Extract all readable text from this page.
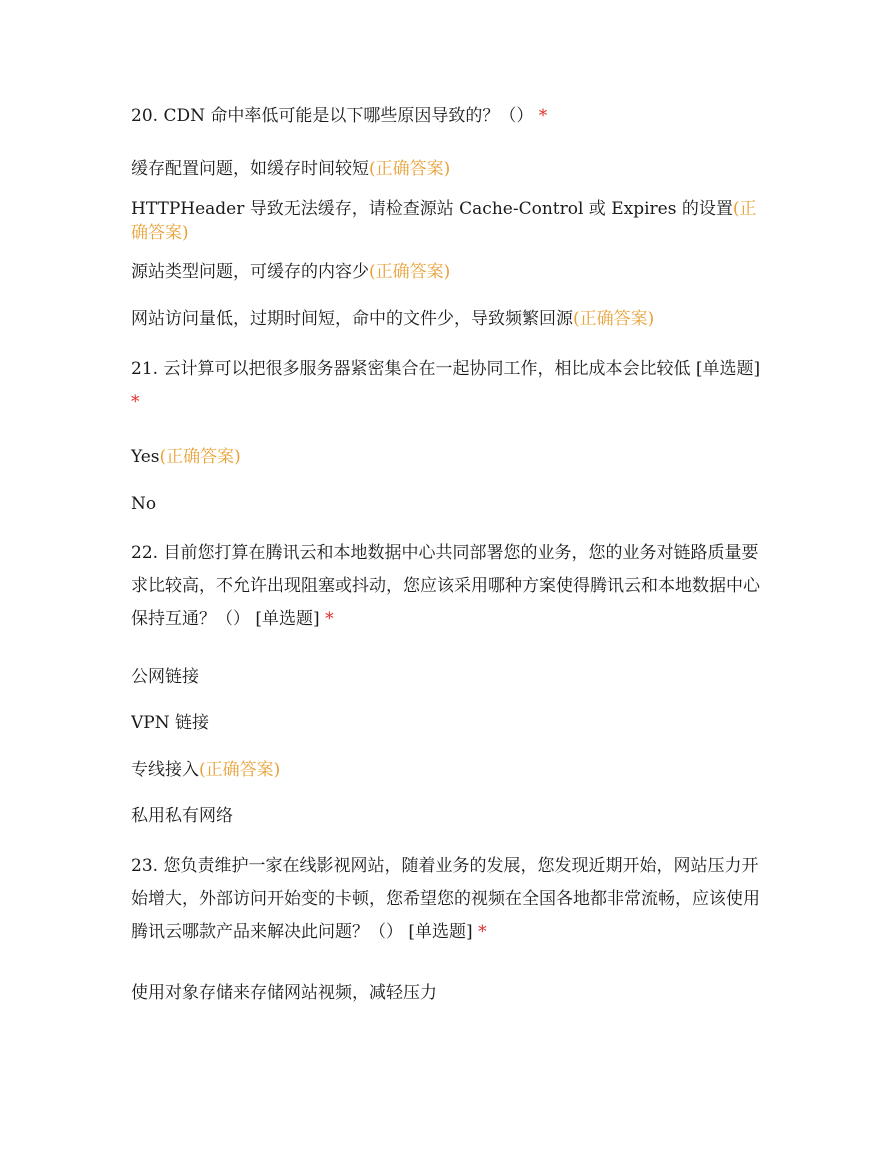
20. CDN 命中率低可能是以下哪些原因导致的？（） *

缓存配置问题，如缓存时间较短(正确答案)

HTTPHeader 导致无法缓存，请检查源站 Cache-Control 或 Expires 的设置(正确答案)

源站类型问题，可缓存的内容少(正确答案)

网站访问量低，过期时间短，命中的文件少，导致频繁回源(正确答案)

21. 云计算可以把很多服务器紧密集合在一起协同工作，相比成本会比较低 [单选题] *

Yes(正确答案)

No

22. 目前您打算在腾讯云和本地数据中心共同部署您的业务，您的业务对链路质量要求比较高，不允许出现阻塞或抖动，您应该采用哪种方案使得腾讯云和本地数据中心保持互通？（） [单选题] *

公网链接

VPN 链接

专线接入(正确答案)

私用私有网络

23. 您负责维护一家在线影视网站，随着业务的发展，您发现近期开始，网站压力开始增大，外部访问开始变的卡顿，您希望您的视频在全国各地都非常流畅，应该使用腾讯云哪款产品来解决此问题？（） [单选题] *

使用对象存储来存储网站视频，减轻压力
